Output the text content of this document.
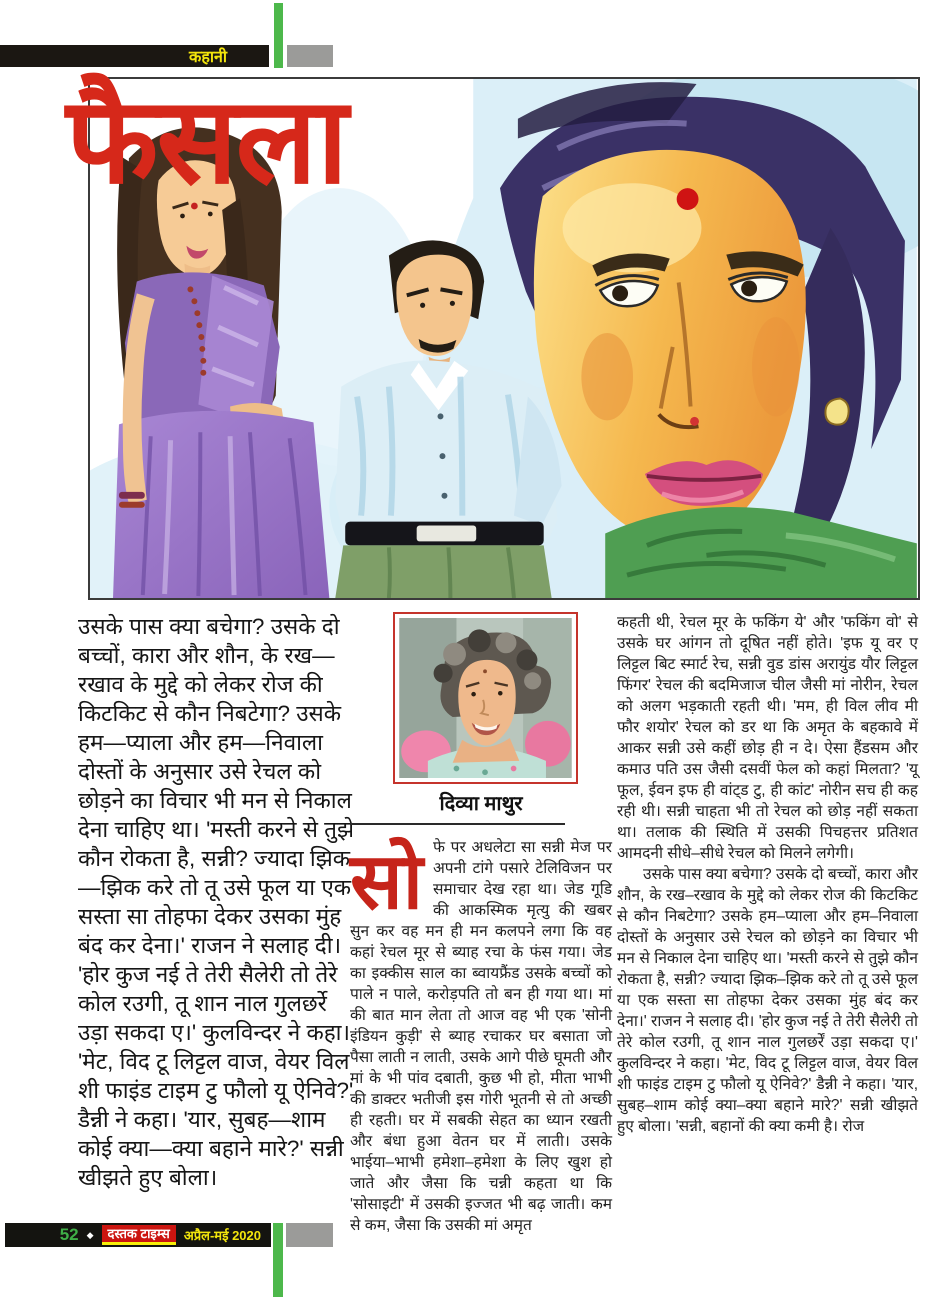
कहानी
फैसला

उसके पास क्या बचेगा? उसके दो बच्चों, कारा और शौन, के रख—रखाव के मुद्दे को लेकर रोज की किटकिट से कौन निबटेगा? उसके हम—प्याला और हम—निवाला दोस्तों के अनुसार उसे रेचल को छोड़ने का विचार भी मन से निकाल देना चाहिए था। 'मस्ती करने से तुझे कौन रोकता है, सन्नी? ज्यादा झिक—झिक करे तो तू उसे फूल या एक सस्ता सा तोहफा देकर उसका मुंह बंद कर देना।' राजन ने सलाह दी। 'होर कुज नई ते तेरी सैलेरी तो तेरे कोल रउगी, तू शान नाल गुलछर्रे उड़ा सकदा ए।' कुलविन्दर ने कहा। 'मेट, विद टू लिट्टल वाज, वेयर विल शी फाइंड टाइम टु फौलो यू ऐनिवे?' डैन्नी ने कहा। 'यार, सुबह—शाम कोई क्या—क्या बहाने मारे?' सन्नी खीझते हुए बोला।

दिव्या माथुर

सोफे पर अधलेटा सा सन्नी मेज पर अपनी टांगे पसारे टेलिविजन पर समाचार देख रहा था। जेड गूडि की आकस्मिक मृत्यु की खबर सुन कर वह मन ही मन कलपने लगा कि वह कहां रेचल मूर से ब्याह रचा के फंस गया। जेड का इक्कीस साल का ब्वायफ्रैंड उसके बच्चों को पाले न पाले, करोड़पति तो बन ही गया था। मां की बात मान लेता तो आज वह भी एक 'सोनी इंडियन कुड़ी' से ब्याह रचाकर घर बसाता जो पैसा लाती न लाती, उसके आगे पीछे घूमती और मां के भी पांव दबाती, कुछ भी हो, मीता भाभी की डाक्टर भतीजी इस गोरी भूतनी से तो अच्छी ही रहती। घर में सबकी सेहत का ध्यान रखती और बंधा हुआ वेतन घर में लाती। उसके भाईया–भाभी हमेशा–हमेशा के लिए खुश हो जाते और जैसा कि चन्नी कहता था कि 'सोसाइटी' में उसकी इज्जत भी बढ़ जाती। कम से कम, जैसा कि उसकी मां अमृत

कहती थी, रेचल मूर के फकिंग ये' और 'फकिंग वो' से उसके घर आंगन तो दूषित नहीं होते। 'इफ यू वर ए लिट्टल बिट स्मार्ट रेच, सन्नी वुड डांस अरायुंड यौर लिट्टल फिंगर' रेचल की बदमिजाज चील जैसी मां नोरीन, रेचल को अलग भड़काती रहती थी। 'मम, ही विल लीव मी फौर शयोर' रेचल को डर था कि अमृत के बहकावे में आकर सन्नी उसे कहीं छोड़ ही न दे। ऐसा हैंडसम और कमाउ पति उस जैसी दसवीं फेल को कहां मिलता? 'यू फूल, ईवन इफ ही वांट्ड टु, ही कांट' नोरीन सच ही कह रही थी। सन्नी चाहता भी तो रेचल को छोड़ नहीं सकता था। तलाक की स्थिति में उसकी पिचहत्तर प्रतिशत आमदनी सीधे–सीधे रेचल को मिलने लगेगी।

उसके पास क्या बचेगा? उसके दो बच्चों, कारा और शौन, के रख–रखाव के मुद्दे को लेकर रोज की किटकिट से कौन निबटेगा? उसके हम–प्याला और हम–निवाला दोस्तों के अनुसार उसे रेचल को छोड़ने का विचार भी मन से निकाल देना चाहिए था। 'मस्ती करने से तुझे कौन रोकता है, सन्नी? ज्यादा झिक–झिक करे तो तू उसे फूल या एक सस्ता सा तोहफा देकर उसका मुंह बंद कर देना।' राजन ने सलाह दी। 'होर कुज नई ते तेरी सैलेरी तो तेरे कोल रउगी, तू शान नाल गुलछर्रें उड़ा सकदा ए।' कुलविन्दर ने कहा। 'मेट, विद टू लिट्टल वाज, वेयर विल शी फाइंड टाइम टु फौलो यू ऐनिवे?' डैन्नी ने कहा। 'यार, सुबह–शाम कोई क्या–क्या बहाने मारे?' सन्नी खीझते हुए बोला। 'सन्नी, बहानों की क्या कमी है। रोज

52 ◆	दस्तक टाइम्स	अप्रैल-मई 2020
